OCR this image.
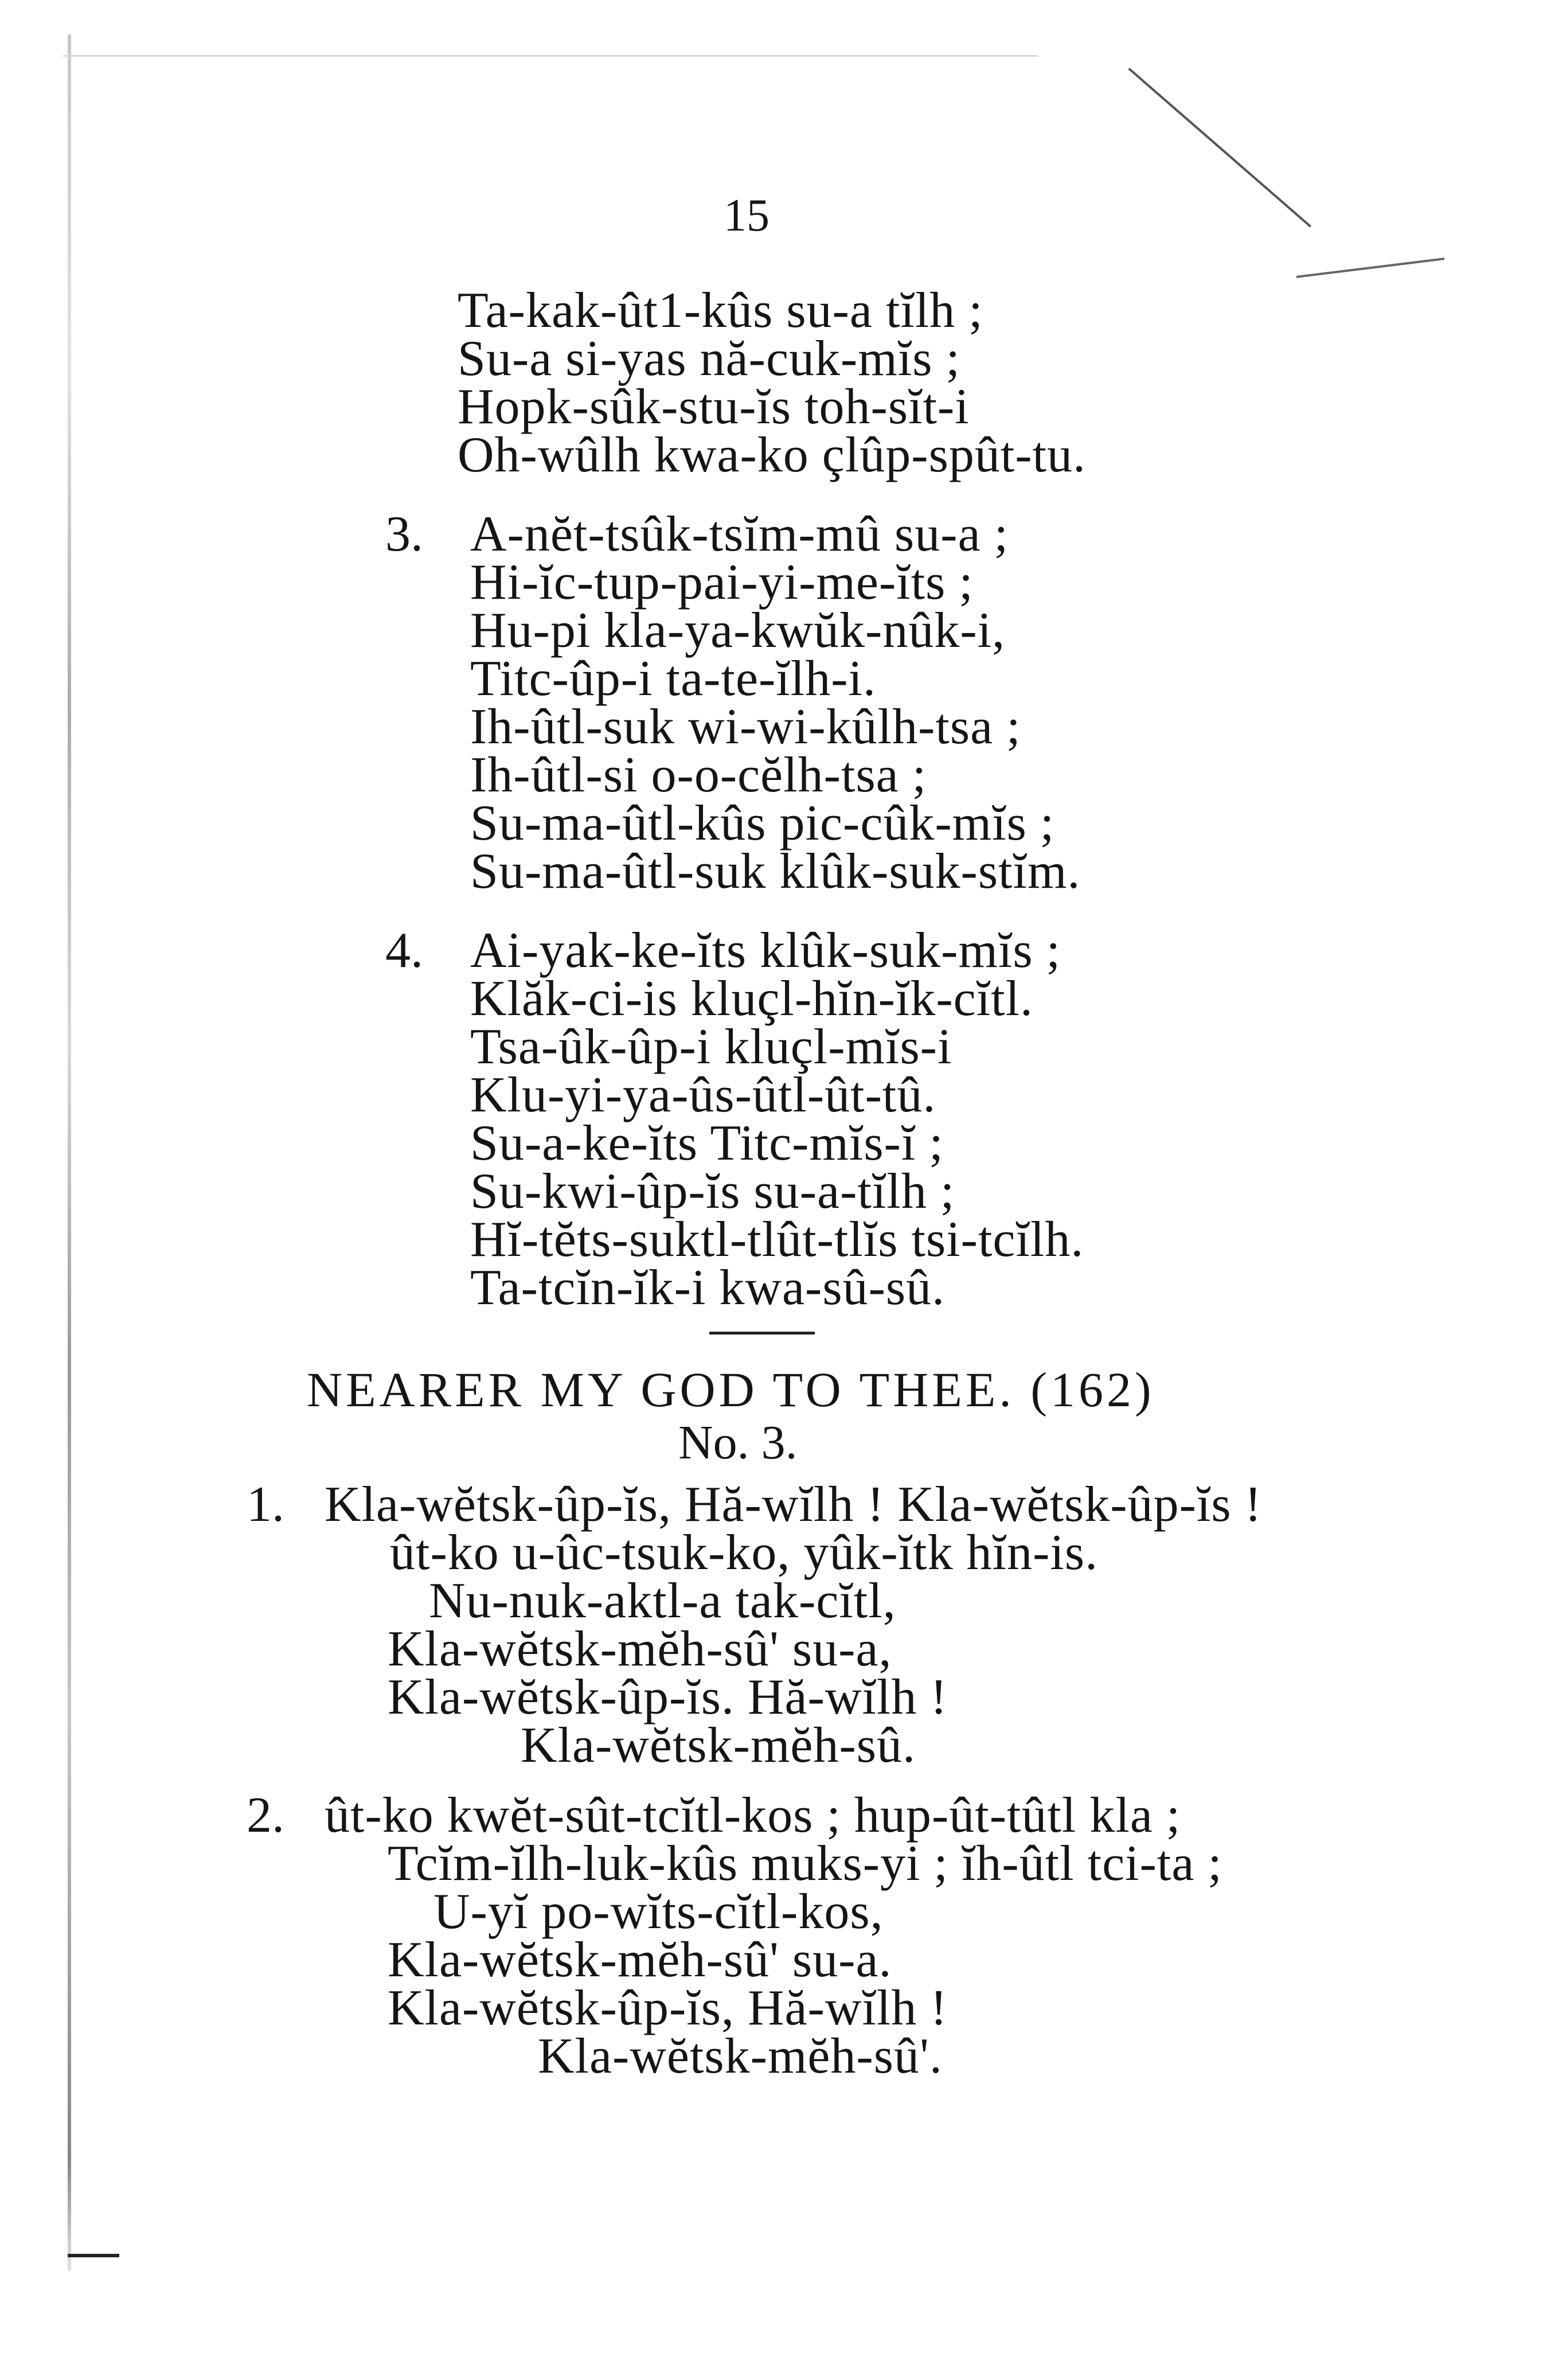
15
Ta-kak-ût1-kûs su-a tĭlh ;
Su-a si-yas nă-cuk-mĭs ;
Hopk-sûk-stu-ĭs toh-sĭt-i
Oh-wûlh kwa-ko çlûp-spût-tu.
3. A-nĕt-tsûk-tsĭm-mû su-a ;
Hi-ĭc-tup-pai-yi-me-ĭts ;
Hu-pi kla-ya-kwŭk-nûk-i,
Titc-ûp-i ta-te-ĭlh-i.
Ih-ûtl-suk wi-wi-kûlh-tsa ;
Ih-ûtl-si o-o-cĕlh-tsa ;
Su-ma-ûtl-kûs pic-cûk-mĭs ;
Su-ma-ûtl-suk klûk-suk-stĭm.
4. Ai-yak-ke-ĭts klûk-suk-mĭs ;
Klăk-ci-is kluçl-hĭn-ĭk-cĭtl.
Tsa-ûk-ûp-i kluçl-mĭs-i
Klu-yi-ya-ûs-ûtl-ût-tû.
Su-a-ke-ĭts Titc-mĭs-ĭ ;
Su-kwi-ûp-ĭs su-a-tĭlh ;
Hĭ-tĕts-suktl-tlût-tlĭs tsi-tcĭlh.
Ta-tcĭn-ĭk-i kwa-sû-sû.
NEARER MY GOD TO THEE. (162)
No. 3.
1. Kla-wĕtsk-ûp-ĭs, Hă-wĭlh ! Kla-wĕtsk-ûp-ĭs !
ût-ko u-ûc-tsuk-ko, yûk-ĭtk hĭn-is.
Nu-nuk-aktl-a tak-cĭtl,
Kla-wĕtsk-mĕh-sû' su-a,
Kla-wĕtsk-ûp-ĭs. Hă-wĭlh !
Kla-wĕtsk-mĕh-sû.
2. ût-ko kwĕt-sût-tcĭtl-kos ; hup-ût-tûtl kla ;
Tcĭm-ĭlh-luk-kûs muks-yi ; ĭh-ûtl tci-ta ;
U-yĭ po-wĭts-cĭtl-kos,
Kla-wĕtsk-mĕh-sû' su-a.
Kla-wĕtsk-ûp-ĭs, Hă-wĭlh !
Kla-wĕtsk-mĕh-sû'.
